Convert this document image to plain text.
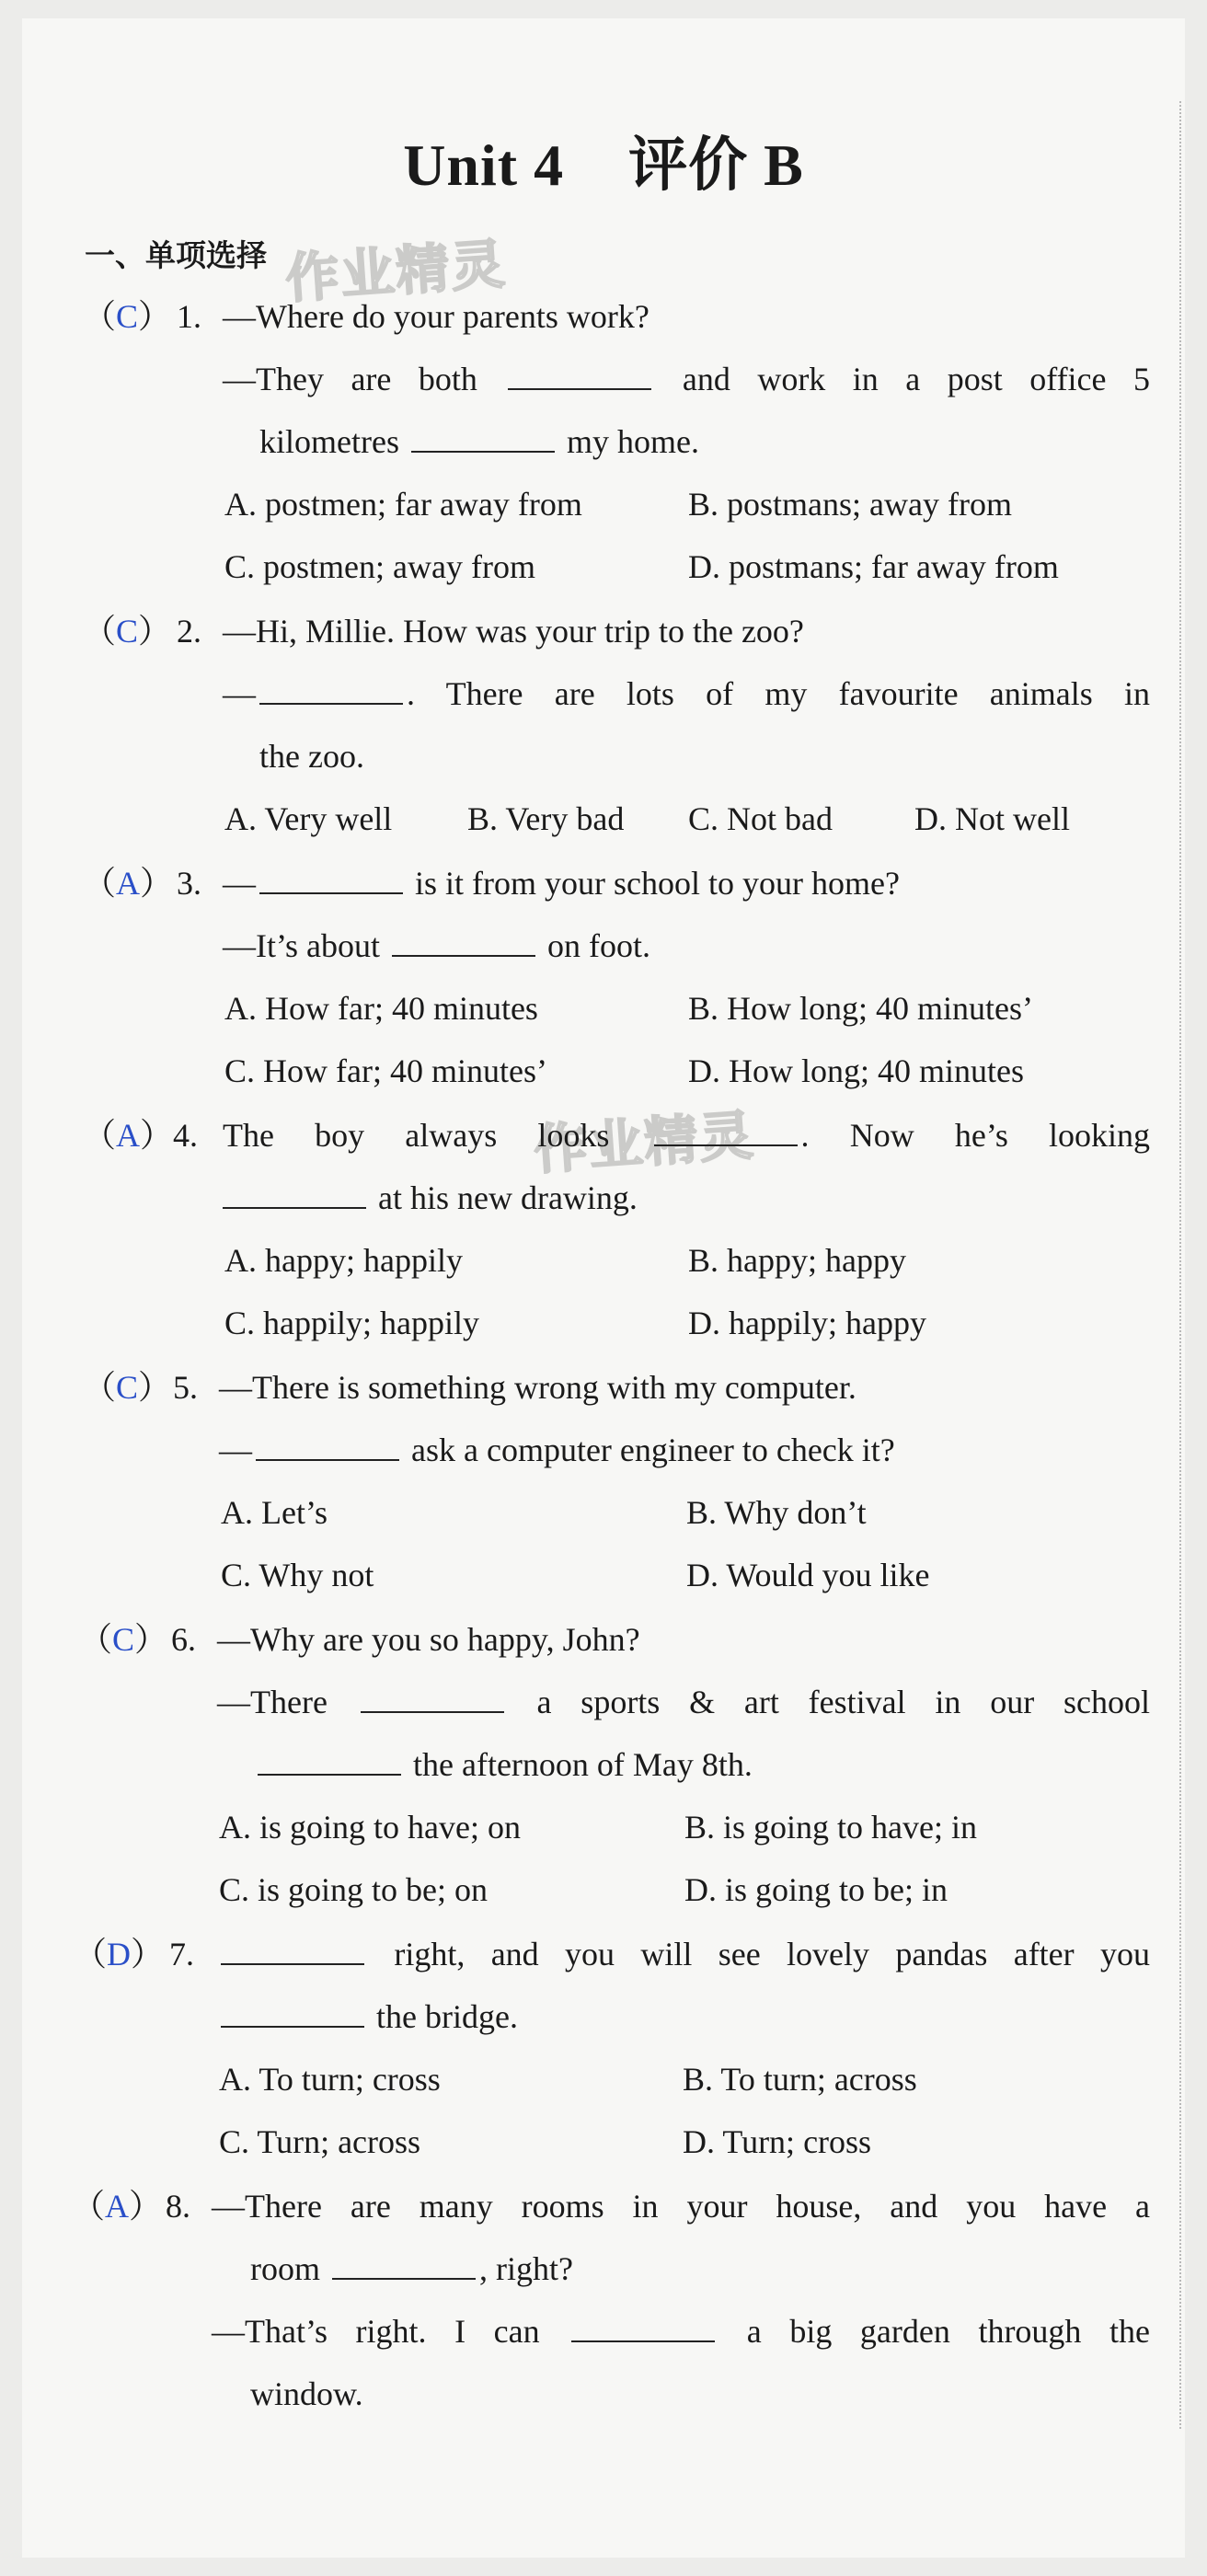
Unit 4 评价 B
一、单项选择 作业精灵
作业精灵
（C） 1. —Where do your parents work?
—They are both	and work in a post office 5
kilometres	my home.
A. postmen; far away from	B. postmans; away from
C. postmen; away from	D. postmans; far away from
（C） 2. —Hi, Millie. How was your trip to the zoo?
—	. There are lots of my favourite animals in
the zoo.
A. Very well B. Very bad C. Not bad D. Not well
（A） 3. —	is it from your school to your home?
—It’s about	on foot.
A. How far; 40 minutes	B. How long; 40 minutes’
C. How far; 40 minutes’	D. How long; 40 minutes
（A） 4. The boy always looks	. Now he’s looking
at his new drawing.
A. happy; happily	B. happy; happy
C. happily; happily	D. happily; happy
（C） 5. —There is something wrong with my computer.
—	ask a computer engineer to check it?
A. Let’s	B. Why don’t
C. Why not	D. Would you like
（C） 6. —Why are you so happy, John?
—There	a sports & art festival in our school
the afternoon of May 8th.
A. is going to have; on	B. is going to have; in
C. is going to be; on	D. is going to be; in
（D） 7.	right, and you will see lovely pandas after you
the bridge.
A. To turn; cross	B. To turn; across
C. Turn; across	D. Turn; cross
（A） 8. —There are many rooms in your house, and you have a
room	, right?
—That’s right. I can	a big garden through the
window.
